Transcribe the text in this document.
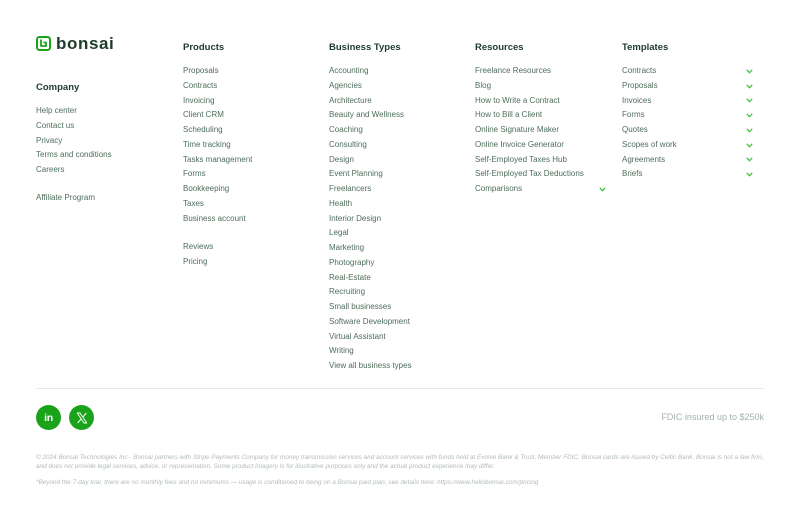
bonsai
Company
Help center
Contact us
Privacy
Terms and conditions
Careers
Affiliate Program
Products
Proposals
Contracts
Invoicing
Client CRM
Scheduling
Time tracking
Tasks management
Forms
Bookkeeping
Taxes
Business account
Reviews
Pricing
Business Types
Accounting
Agencies
Architecture
Beauty and Wellness
Coaching
Consulting
Design
Event Planning
Freelancers
Health
Interior Design
Legal
Marketing
Photography
Real-Estate
Recruiting
Small businesses
Software Development
Virtual Assistant
Writing
View all business types
Resources
Freelance Resources
Blog
How to Write a Contract
How to Bill a Client
Online Signature Maker
Online Invoice Generator
Self-Employed Taxes Hub
Self-Employed Tax Deductions
Comparisons
Templates
Contracts
Proposals
Invoices
Forms
Quotes
Scopes of work
Agreements
Briefs
in	FDIC insured up to $250k

© 2024 Bonsai Technologies Inc - Bonsai partners with Stripe Payments Company for money transmission services and account services with funds held at Evolve Bank & Trust, Member FDIC. Bonsai cards are issued by Celtic Bank. Bonsai is not a law firm, and does not provide legal services, advice, or representation. Some product imagery is for illustrative purposes only and the actual product experience may differ.

*Beyond the 7-day trial, there are no monthly fees and no minimums — usage is conditioned to being on a Bonsai paid plan, see details here: https://www.hellobonsai.com/pricing
